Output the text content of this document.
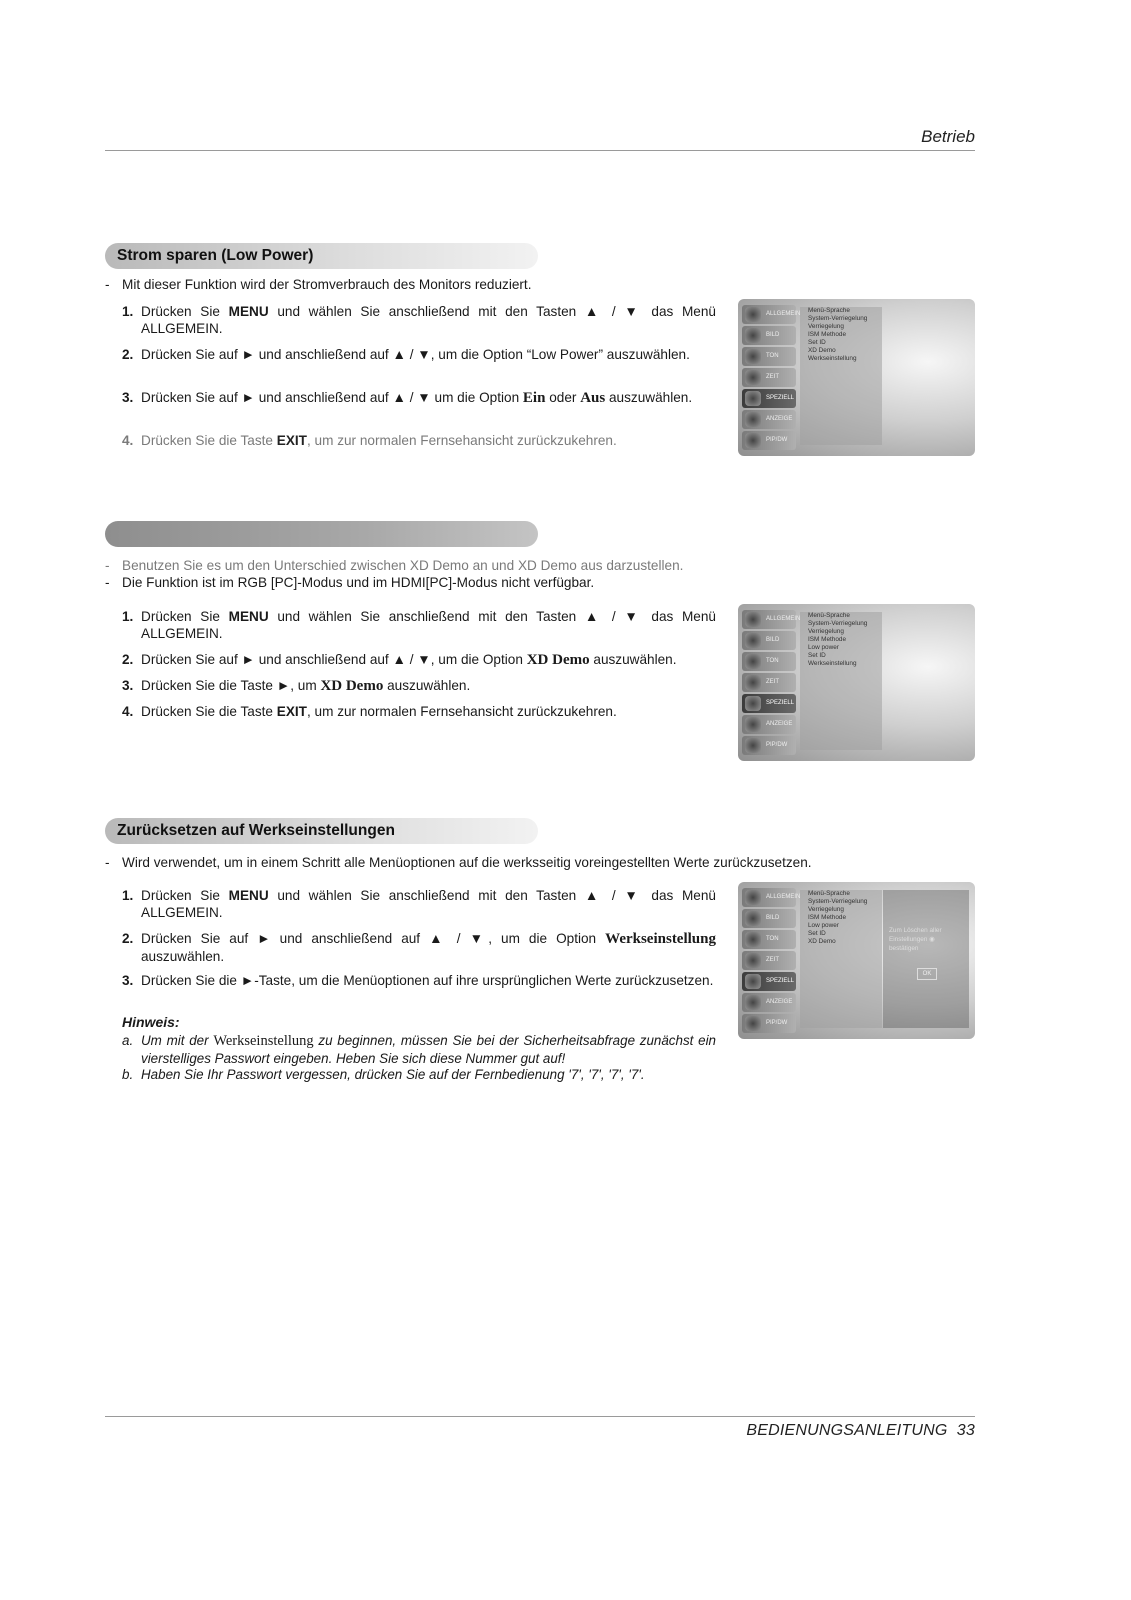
Betrieb
Strom sparen (Low Power)
- Mit dieser Funktion wird der Stromverbrauch des Monitors reduziert.
1. Drücken Sie MENU und wählen Sie anschließend mit den Tasten ▲ / ▼ das Menü ALLGEMEIN.
2. Drücken Sie auf ► und anschließend auf ▲ / ▼, um die Option “Low Power” auszuwählen.
3. Drücken Sie auf ► und anschließend auf ▲ / ▼ um die Option Ein oder Aus auszuwählen.
4. Drücken Sie die Taste EXIT, um zur normalen Fernsehansicht zurückzukehren.
ALLGEMEIN
BILD
TON
ZEIT
SPEZIELL
ANZEIGE
PIP/DW
Menü-Sprache
System-Verriegelung
Verriegelung
ISM Methode
Set ID
XD Demo
Werkseinstellung
- Benutzen Sie es um den Unterschied zwischen XD Demo an und XD Demo aus darzustellen.
- Die Funktion ist im RGB [PC]-Modus und im HDMI[PC]-Modus nicht verfügbar.
1. Drücken Sie MENU und wählen Sie anschließend mit den Tasten ▲ / ▼ das Menü ALLGEMEIN.
2. Drücken Sie auf ► und anschließend auf ▲ / ▼, um die Option XD Demo auszuwählen.
3. Drücken Sie die Taste ►, um XD Demo auszuwählen.
4. Drücken Sie die Taste EXIT, um zur normalen Fernsehansicht zurückzukehren.
ALLGEMEIN
BILD
TON
ZEIT
SPEZIELL
ANZEIGE
PIP/DW
Menü-Sprache
System-Verriegelung
Verriegelung
ISM Methode
Low power
Set ID
Werkseinstellung
Zurücksetzen auf Werkseinstellungen
- Wird verwendet, um in einem Schritt alle Menüoptionen auf die werksseitig voreingestellten Werte zurückzusetzen.
1. Drücken Sie MENU und wählen Sie anschließend mit den Tasten ▲ / ▼ das Menü ALLGEMEIN.
2. Drücken Sie auf ► und anschließend auf ▲ / ▼, um die Option Werkseinstellung auszuwählen.
3. Drücken Sie die ►-Taste, um die Menüoptionen auf ihre ursprünglichen Werte zurückzusetzen.
Hinweis:
a. Um mit der Werkseinstellung zu beginnen, müssen Sie bei der Sicherheitsabfrage zunächst ein vierstelliges Passwort eingeben. Heben Sie sich diese Nummer gut auf!
b. Haben Sie Ihr Passwort vergessen, drücken Sie auf der Fernbedienung '7', '7', '7', '7'.
ALLGEMEIN
BILD
TON
ZEIT
SPEZIELL
ANZEIGE
PIP/DW
Menü-Sprache
System-Verriegelung
Verriegelung
ISM Methode
Low power
Set ID
XD Demo
Zum Löschen aller Einstellungen ◉ bestätigen
OK
BEDIENUNGSANLEITUNG 33
